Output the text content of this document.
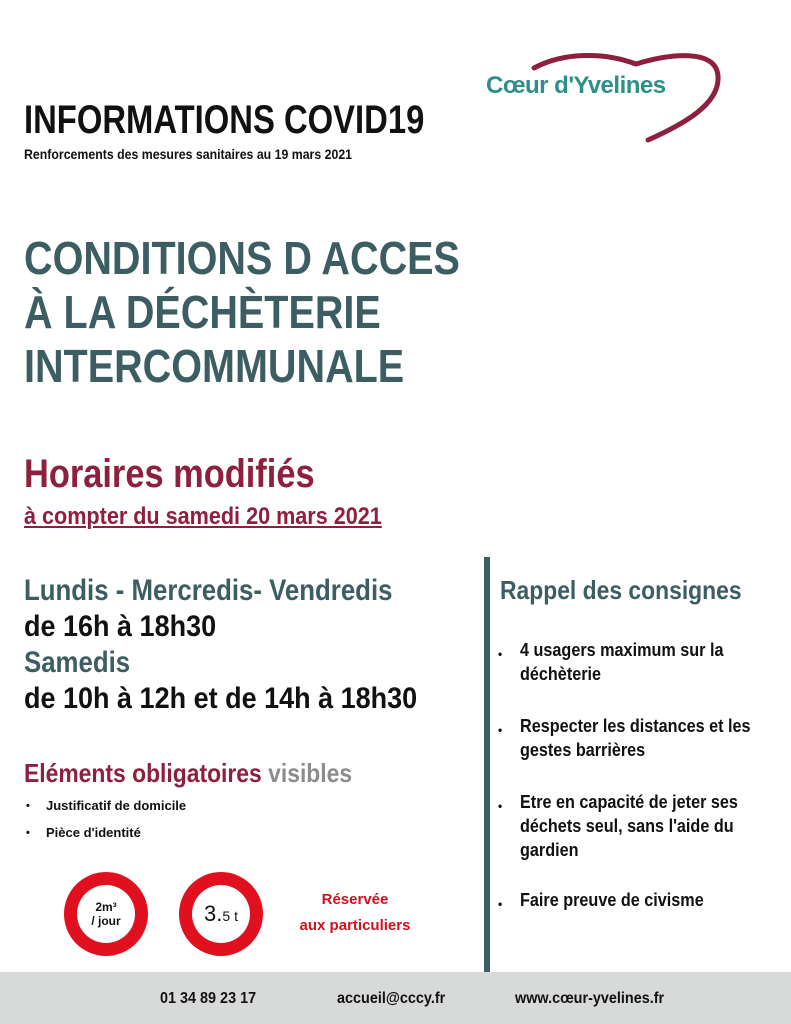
Cœur d'Yvelines
INFORMATIONS COVID19
Renforcements des mesures sanitaires au 19 mars 2021
CONDITIONS D ACCES
À LA DÉCHÈTERIE
INTERCOMMUNALE
Horaires modifiés
à compter du samedi 20 mars 2021
Lundis - Mercredis- Vendredis
de 16h à 18h30
Samedis
de 10h à 12h et de 14h à 18h30
Eléments obligatoires visibles
• Justificatif de domicile
• Pièce d'identité
2m³
/ jour	3.5 t
Réservée
aux particuliers
Rappel des consignes
• 4 usagers maximum sur la déchèterie
• Respecter les distances et les gestes barrières
• Etre en capacité de jeter ses déchets seul, sans l'aide du gardien
• Faire preuve de civisme
01 34 89 23 17	accueil@cccy.fr	www.cœur-yvelines.fr
